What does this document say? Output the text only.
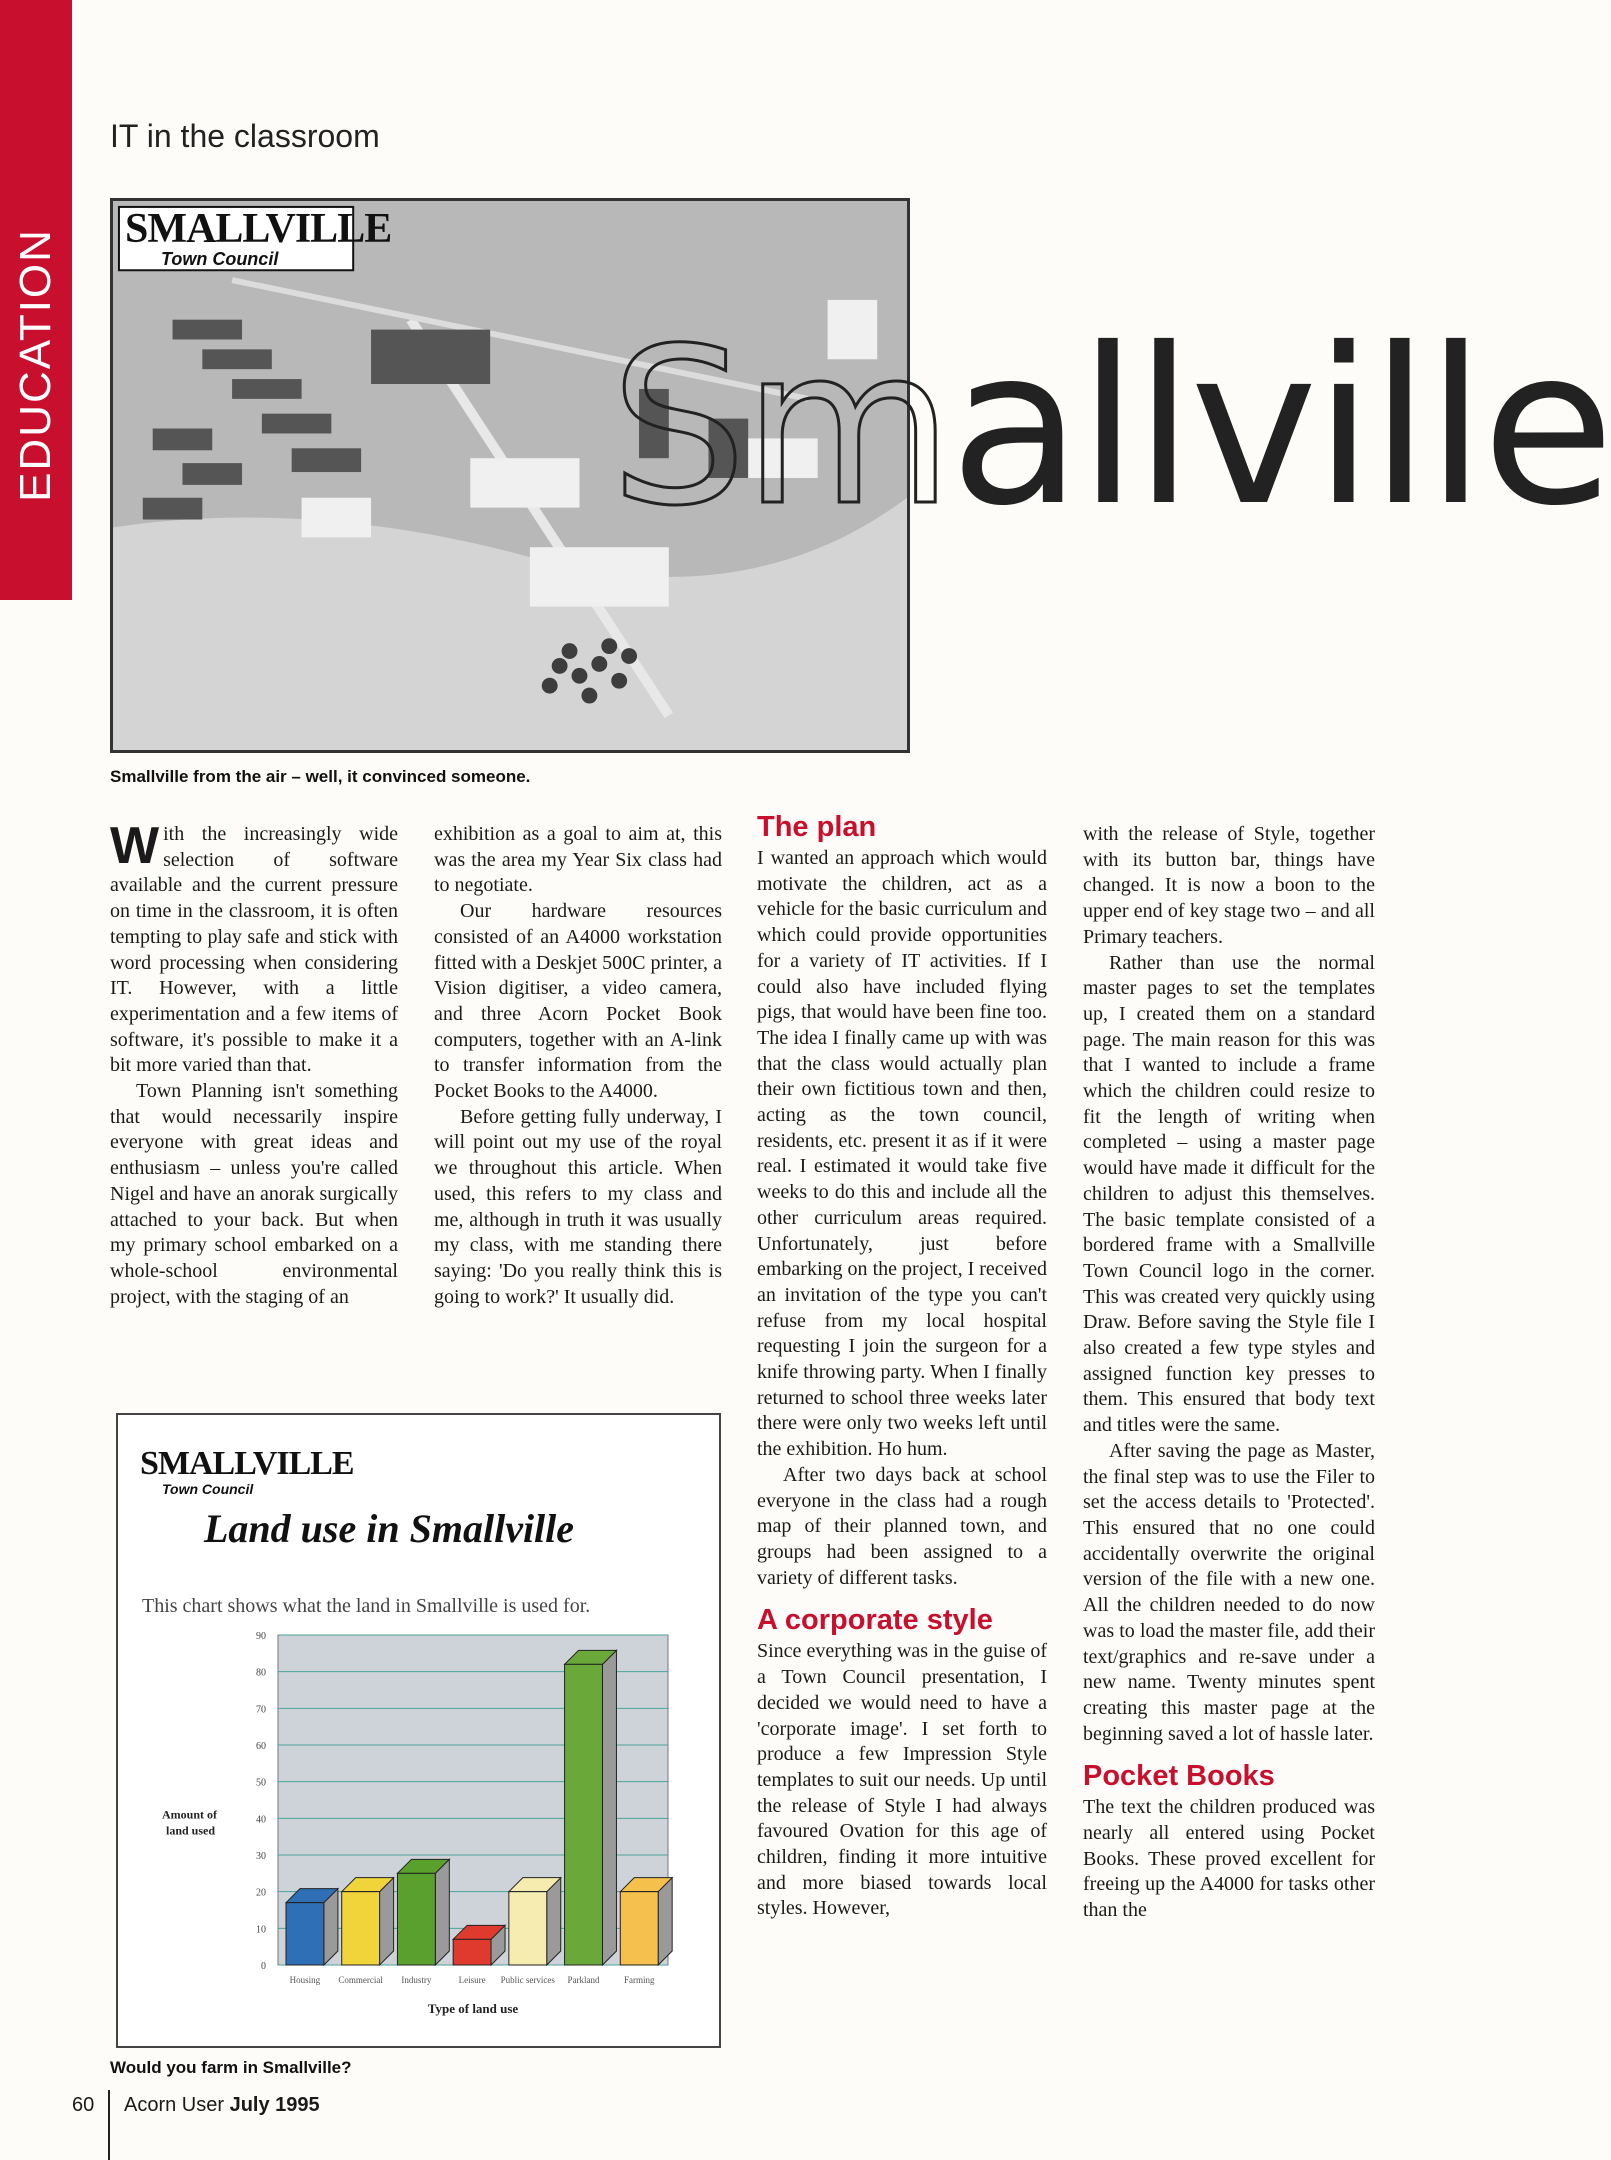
EDUCATION
IT in the classroom
SMALLVILLE
Town Council
Smallville
Smallville from the air – well, it convinced someone.

With the increasingly wide selection of software available and the current pressure on time in the classroom, it is often tempting to play safe and stick with word processing when considering IT. However, with a little experimentation and a few items of software, it's possible to make it a bit more varied than that.

Town Planning isn't something that would necessarily inspire everyone with great ideas and enthusiasm – unless you're called Nigel and have an anorak surgically attached to your back. But when my primary school embarked on a whole-school environmental project, with the staging of an

exhibition as a goal to aim at, this was the area my Year Six class had to negotiate.

Our hardware resources consisted of an A4000 workstation fitted with a Deskjet 500C printer, a Vision digitiser, a video camera, and three Acorn Pocket Book computers, together with an A-link to transfer information from the Pocket Books to the A4000.

Before getting fully underway, I will point out my use of the royal we throughout this article. When used, this refers to my class and me, although in truth it was usually my class, with me standing there saying: 'Do you really think this is going to work?' It usually did.

The plan

I wanted an approach which would motivate the children, act as a vehicle for the basic curriculum and which could provide opportunities for a variety of IT activities. If I could also have included flying pigs, that would have been fine too. The idea I finally came up with was that the class would actually plan their own fictitious town and then, acting as the town council, residents, etc. present it as if it were real. I estimated it would take five weeks to do this and include all the other curriculum areas required. Unfortunately, just before embarking on the project, I received an invitation of the type you can't refuse from my local hospital requesting I join the surgeon for a knife throwing party. When I finally returned to school three weeks later there were only two weeks left until the exhibition. Ho hum.

After two days back at school everyone in the class had a rough map of their planned town, and groups had been assigned to a variety of different tasks.

A corporate style

Since everything was in the guise of a Town Council presentation, I decided we would need to have a 'corporate image'. I set forth to produce a few Impression Style templates to suit our needs. Up until the release of Style I had always favoured Ovation for this age of children, finding it more intuitive and more biased towards local styles. However,

with the release of Style, together with its button bar, things have changed. It is now a boon to the upper end of key stage two – and all Primary teachers.

Rather than use the normal master pages to set the templates up, I created them on a standard page. The main reason for this was that I wanted to include a frame which the children could resize to fit the length of writing when completed – using a master page would have made it difficult for the children to adjust this themselves. The basic template consisted of a bordered frame with a Smallville Town Council logo in the corner. This was created very quickly using Draw. Before saving the Style file I also created a few type styles and assigned function key presses to them. This ensured that body text and titles were the same.

After saving the page as Master, the final step was to use the Filer to set the access details to 'Protected'. This ensured that no one could accidentally overwrite the original version of the file with a new one. All the children needed to do now was to load the master file, add their text/graphics and re-save under a new name. Twenty minutes spent creating this master page at the beginning saved a lot of hassle later.

Pocket Books

The text the children produced was nearly all entered using Pocket Books. These proved excellent for freeing up the A4000 for tasks other than the

SMALLVILLE
Town Council
Land use in Smallville
This chart shows what the land in Smallville is used for.
0
10
20
30
40
50
60
70
80
90
Housing Commercial Industry	Leisure Public services Parkland	Farming
Amount of land used
Type of land use
Would you farm in Smallville?
60 Acorn User July 1995
